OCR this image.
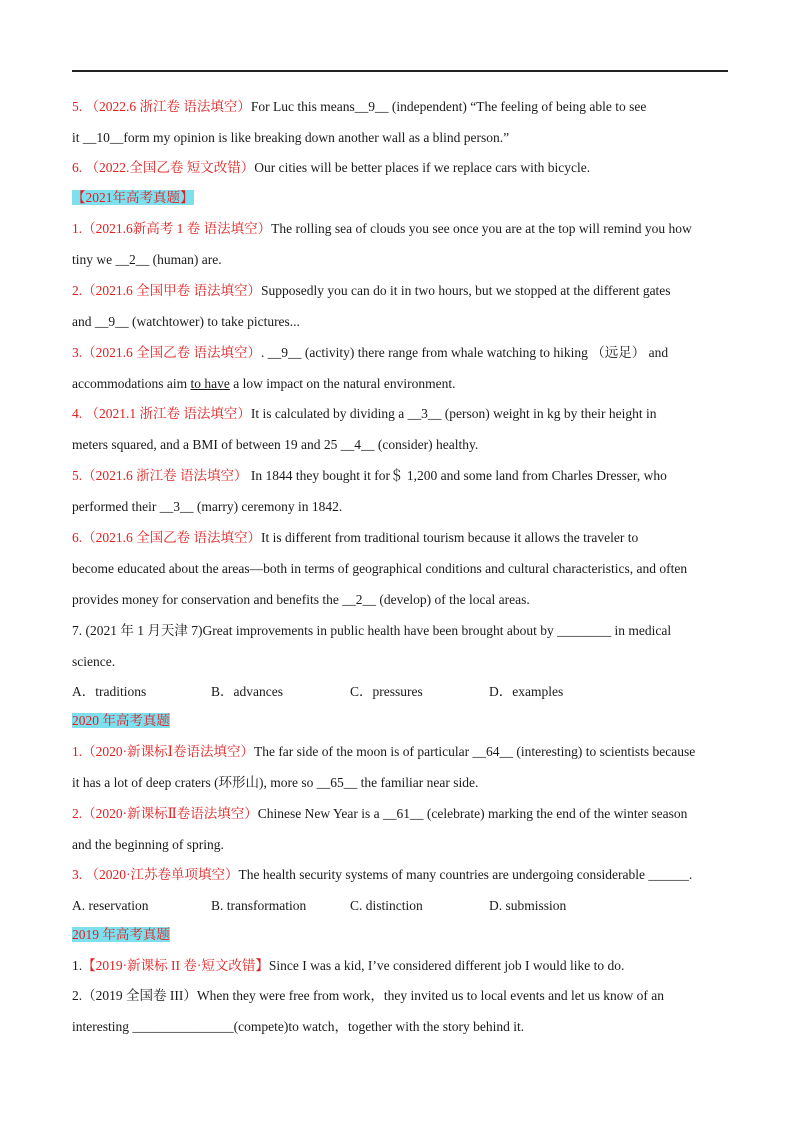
5. （2022.6 浙江卷 语法填空）For Luc this means__9__ (independent) “The feeling of being able to see
it __10__form my opinion is like breaking down another wall as a blind person.”
6. （2022.全国乙卷 短文改错）Our cities will be better places if we replace cars with bicycle.
【2021年高考真题】
1.（2021.6新高考 1 卷 语法填空）The rolling sea of clouds you see once you are at the top will remind you how
tiny we __2__ (human) are.
2.（2021.6 全国甲卷 语法填空）Supposedly you can do it in two hours, but we stopped at the different gates
and __9__ (watchtower) to take pictures...
3.（2021.6 全国乙卷 语法填空）. __9__ (activity) there range from whale watching to hiking （远足） and
accommodations aim to have a low impact on the natural environment.
4. （2021.1 浙江卷 语法填空）It is calculated by dividing a __3__ (person) weight in kg by their height in
meters squared, and a BMI of between 19 and 25 __4__ (consider) healthy.
5.（2021.6 浙江卷 语法填空） In 1844 they bought it for＄ 1,200 and some land from Charles Dresser, who
performed their __3__ (marry) ceremony in 1842.
6.（2021.6 全国乙卷 语法填空）It is different from traditional tourism because it allows the traveler to
become educated about the areas—both in terms of geographical conditions and cultural characteristics, and often
provides money for conservation and benefits the __2__ (develop) of the local areas.
7. (2021 年 1 月天津 7)Great improvements in public health have been brought about by ________ in medical
science.
A．traditions	B．advances	C．pressures	D．examples
2020 年高考真题
1.（2020·新课标Ⅰ卷语法填空）The far side of the moon is of particular __64__ (interesting) to scientists because
it has a lot of deep craters (环形山), more so __65__ the familiar near side.
2.（2020·新课标Ⅱ卷语法填空）Chinese New Year is a __61__ (celebrate) marking the end of the winter season
and the beginning of spring.
3. （2020·江苏卷单项填空）The health security systems of many countries are undergoing considerable ______.
A. reservation	B. transformation	C. distinction	D. submission
2019 年高考真题
1.【2019·新课标 II 卷·短文改错】Since I was a kid, I’ve considered different job I would like to do.
2.（2019 全国卷 III）When they were free from work，they invited us to local events and let us know of an
interesting _______________(compete)to watch，together with the story behind it.
